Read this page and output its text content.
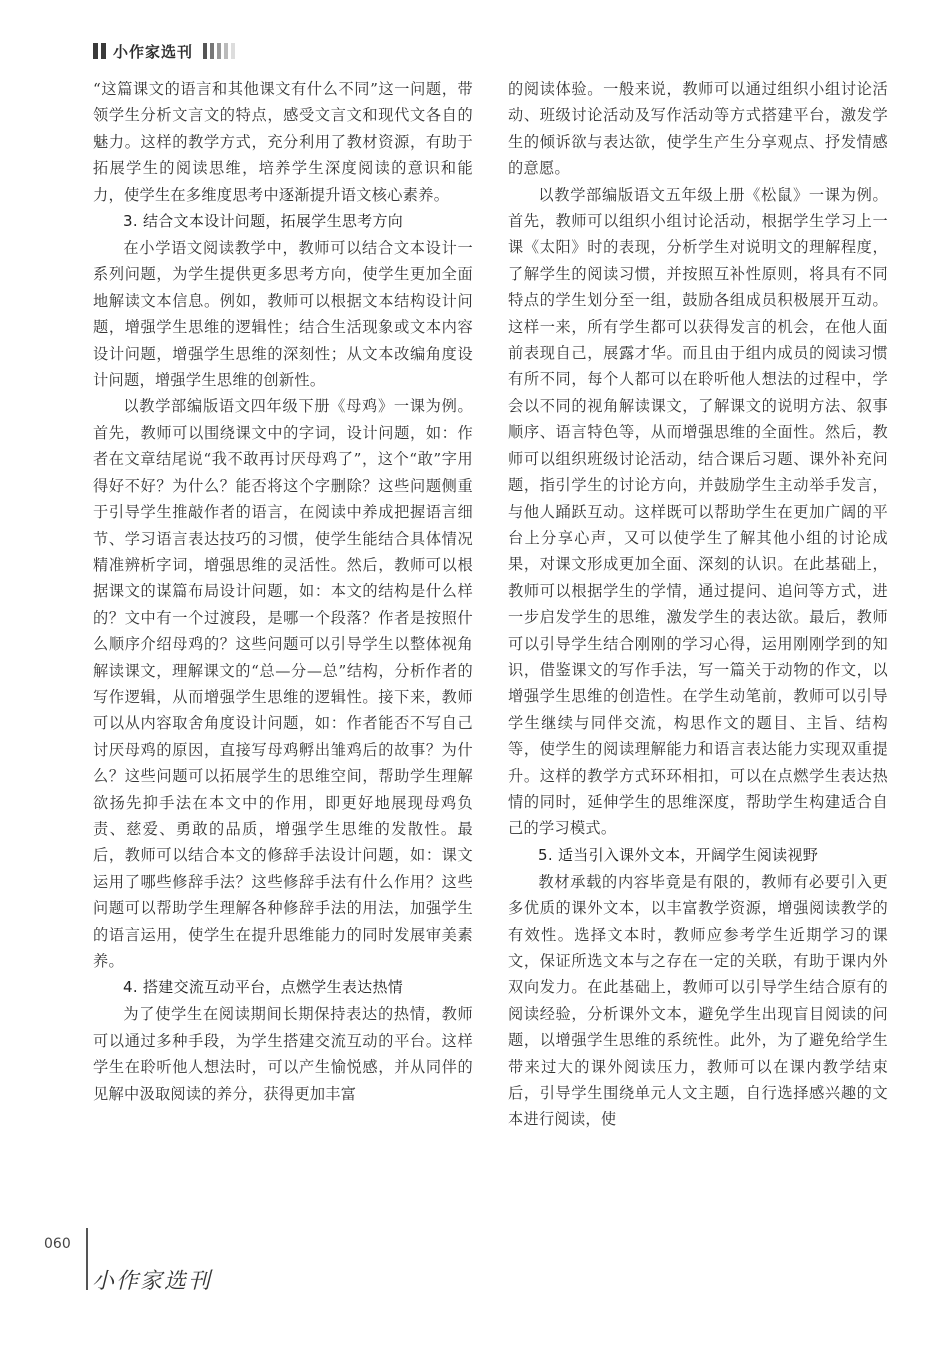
小作家选刊

“这篇课文的语言和其他课文有什么不同”这一问题，带领学生分析文言文的特点，感受文言文和现代文各自的魅力。这样的教学方式，充分利用了教材资源，有助于拓展学生的阅读思维，培养学生深度阅读的意识和能力，使学生在多维度思考中逐渐提升语文核心素养。

3. 结合文本设计问题，拓展学生思考方向

在小学语文阅读教学中，教师可以结合文本设计一系列问题，为学生提供更多思考方向，使学生更加全面地解读文本信息。例如，教师可以根据文本结构设计问题，增强学生思维的逻辑性；结合生活现象或文本内容设计问题，增强学生思维的深刻性；从文本改编角度设计问题，增强学生思维的创新性。

以教学部编版语文四年级下册《母鸡》一课为例。首先，教师可以围绕课文中的字词，设计问题，如：作者在文章结尾说“我不敢再讨厌母鸡了”，这个“敢”字用得好不好？为什么？能否将这个字删除？这些问题侧重于引导学生推敲作者的语言，在阅读中养成把握语言细节、学习语言表达技巧的习惯，使学生能结合具体情况精准辨析字词，增强思维的灵活性。然后，教师可以根据课文的谋篇布局设计问题，如：本文的结构是什么样的？文中有一个过渡段，是哪一个段落？作者是按照什么顺序介绍母鸡的？这些问题可以引导学生以整体视角解读课文，理解课文的“总—分—总”结构，分析作者的写作逻辑，从而增强学生思维的逻辑性。接下来，教师可以从内容取舍角度设计问题，如：作者能否不写自己讨厌母鸡的原因，直接写母鸡孵出雏鸡后的故事？为什么？这些问题可以拓展学生的思维空间，帮助学生理解欲扬先抑手法在本文中的作用，即更好地展现母鸡负责、慈爱、勇敢的品质，增强学生思维的发散性。最后，教师可以结合本文的修辞手法设计问题，如：课文运用了哪些修辞手法？这些修辞手法有什么作用？这些问题可以帮助学生理解各种修辞手法的用法，加强学生的语言运用，使学生在提升思维能力的同时发展审美素养。

4. 搭建交流互动平台，点燃学生表达热情

为了使学生在阅读期间长期保持表达的热情，教师可以通过多种手段，为学生搭建交流互动的平台。这样学生在聆听他人想法时，可以产生愉悦感，并从同伴的见解中汲取阅读的养分，获得更加丰富

的阅读体验。一般来说，教师可以通过组织小组讨论活动、班级讨论活动及写作活动等方式搭建平台，激发学生的倾诉欲与表达欲，使学生产生分享观点、抒发情感的意愿。

以教学部编版语文五年级上册《松鼠》一课为例。首先，教师可以组织小组讨论活动，根据学生学习上一课《太阳》时的表现，分析学生对说明文的理解程度，了解学生的阅读习惯，并按照互补性原则，将具有不同特点的学生划分至一组，鼓励各组成员积极展开互动。这样一来，所有学生都可以获得发言的机会，在他人面前表现自己，展露才华。而且由于组内成员的阅读习惯有所不同，每个人都可以在聆听他人想法的过程中，学会以不同的视角解读课文，了解课文的说明方法、叙事顺序、语言特色等，从而增强思维的全面性。然后，教师可以组织班级讨论活动，结合课后习题、课外补充问题，指引学生的讨论方向，并鼓励学生主动举手发言，与他人踊跃互动。这样既可以帮助学生在更加广阔的平台上分享心声，又可以使学生了解其他小组的讨论成果，对课文形成更加全面、深刻的认识。在此基础上，教师可以根据学生的学情，通过提问、追问等方式，进一步启发学生的思维，激发学生的表达欲。最后，教师可以引导学生结合刚刚的学习心得，运用刚刚学到的知识，借鉴课文的写作手法，写一篇关于动物的作文，以增强学生思维的创造性。在学生动笔前，教师可以引导学生继续与同伴交流，构思作文的题目、主旨、结构等，使学生的阅读理解能力和语言表达能力实现双重提升。这样的教学方式环环相扣，可以在点燃学生表达热情的同时，延伸学生的思维深度，帮助学生构建适合自己的学习模式。

5. 适当引入课外文本，开阔学生阅读视野

教材承载的内容毕竟是有限的，教师有必要引入更多优质的课外文本，以丰富教学资源，增强阅读教学的有效性。选择文本时，教师应参考学生近期学习的课文，保证所选文本与之存在一定的关联，有助于课内外双向发力。在此基础上，教师可以引导学生结合原有的阅读经验，分析课外文本，避免学生出现盲目阅读的问题，以增强学生思维的系统性。此外，为了避免给学生带来过大的课外阅读压力，教师可以在课内教学结束后，引导学生围绕单元人文主题，自行选择感兴趣的文本进行阅读，使

060
小作家选刊
